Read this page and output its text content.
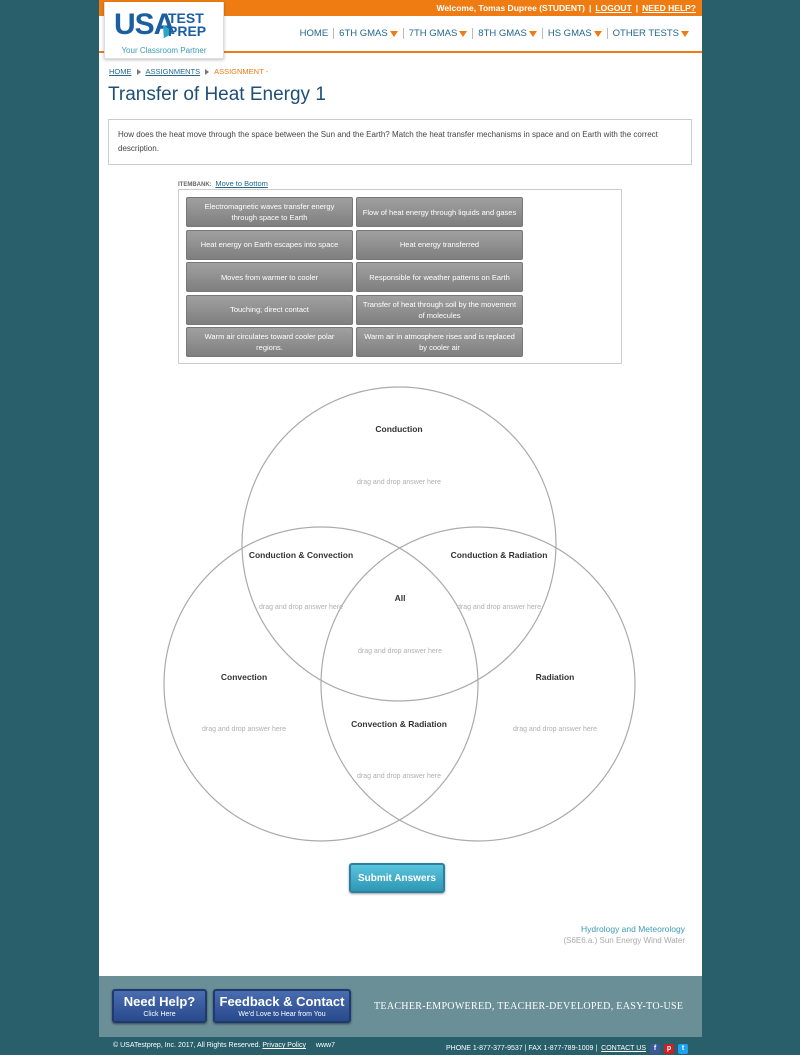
Welcome, Tomas Dupree (STUDENT) | LOGOUT | NEED HELP?
HOME 6TH GMAS 7TH GMAS 8TH GMAS HS GMAS OTHER TESTS
HOME ASSIGNMENTS ASSIGNMENT -
Transfer of Heat Energy 1
How does the heat move through the space between the Sun and the Earth? Match the heat transfer mechanisms in space and on Earth with the correct description.
ITEMBANK: Move to Bottom
Electromagnetic waves transfer energy through space to Earth
Flow of heat energy through liquids and gases
Heat energy on Earth escapes into space	Heat energy transferred
Moves from warmer to cooler	Responsible for weather patterns on Earth
Touching; direct contact
Transfer of heat through soil by the movement of molecules
Warm air circulates toward cooler polar regions.
Warm air in atmosphere rises and is replaced by cooler air
Conduction
drag and drop answer here
Conduction & Convection
drag and drop answer here
Conduction & Radiation
drag and drop answer here
All
drag and drop answer here
Convection
drag and drop answer here
Radiation
drag and drop answer here
Convection & Radiation
drag and drop answer here
Submit Answers
Hydrology and Meteorology
(S6E6.a.) Sun Energy Wind Water
USA
TEST
PREP
Your Classroom Partner
Need Help?
Click Here
Feedback & Contact
We'd Love to Hear from You
TEACHER-EMPOWERED, TEACHER-DEVELOPED, EASY-TO-USE
© USATestprep, Inc. 2017, All Rights Reserved. Privacy Policy www7	PHONE 1-877-377-9537 | FAX 1-877-789-1009 | CONTACT US	f	p	t
